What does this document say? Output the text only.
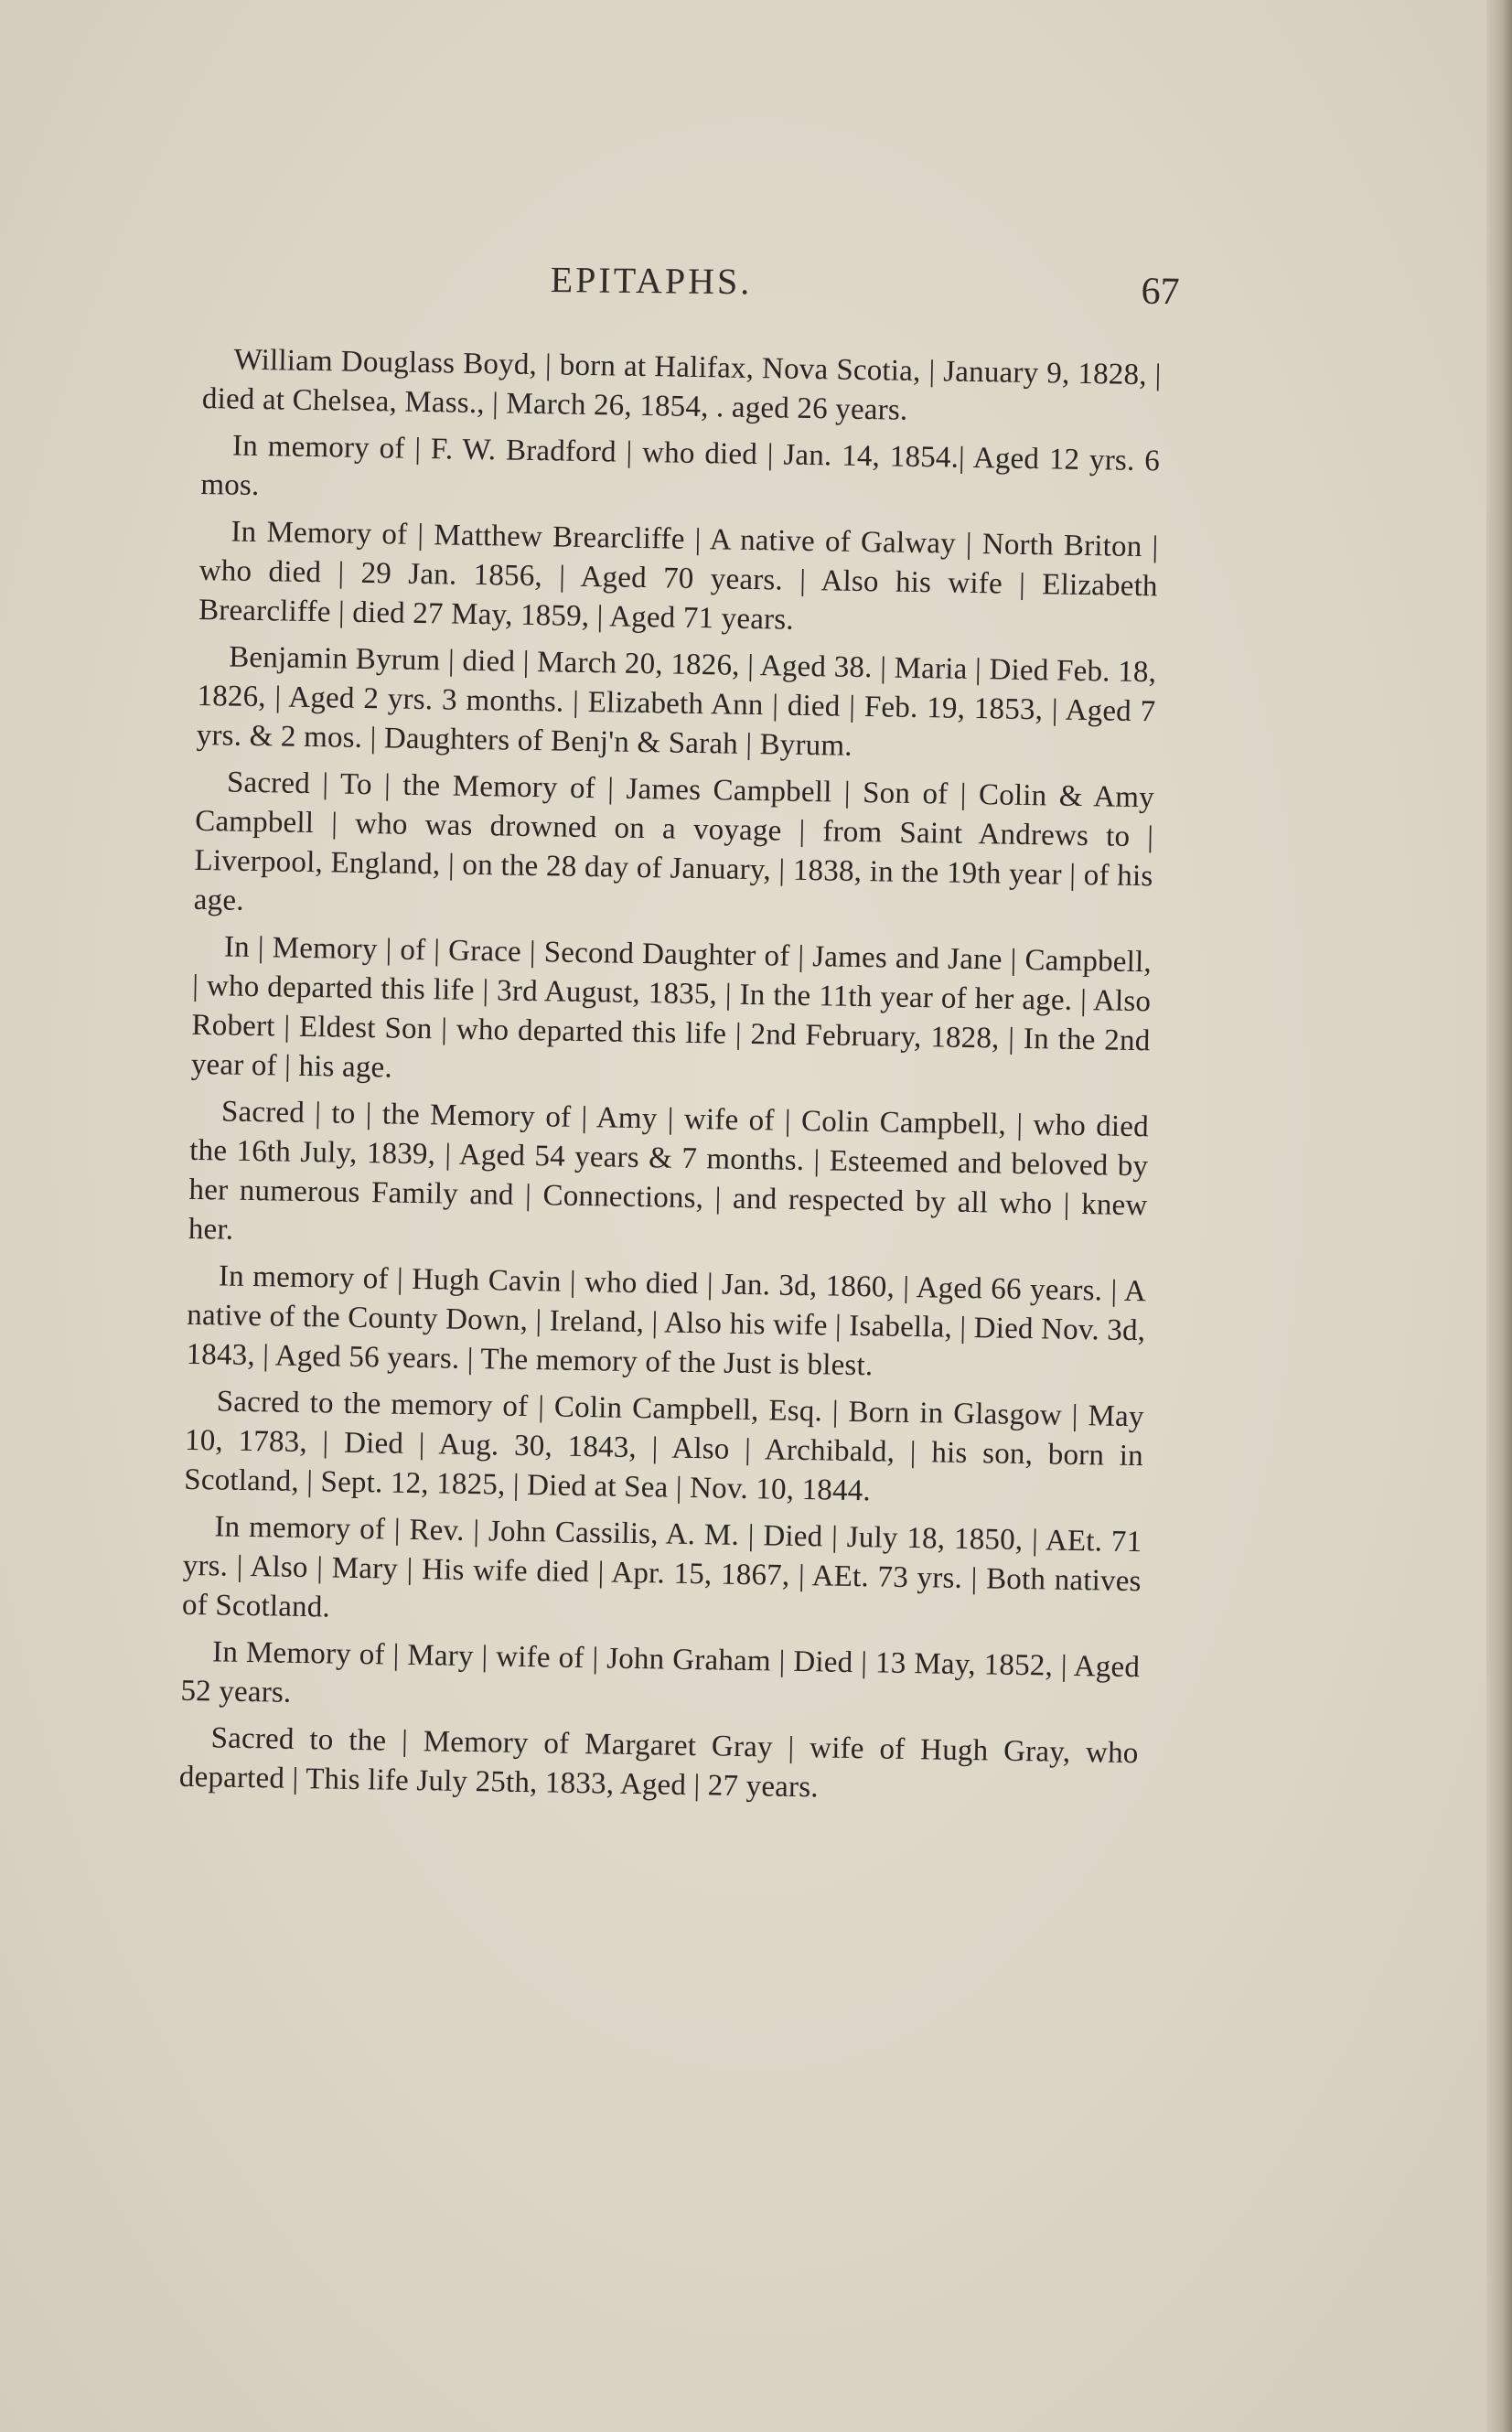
EPITAPHS.	67

William Douglass Boyd, | born at Halifax, Nova Scotia, | January 9, 1828, | died at Chelsea, Mass., | March 26, 1854, . aged 26 years.

In memory of | F. W. Bradford | who died | Jan. 14, 1854.| Aged 12 yrs. 6 mos.

In Memory of | Matthew Brearcliffe | A native of Galway | North Briton | who died | 29 Jan. 1856, | Aged 70 years. | Also his wife | Elizabeth Brearcliffe | died 27 May, 1859, | Aged 71 years.

Benjamin Byrum | died | March 20, 1826, | Aged 38. | Maria | Died Feb. 18, 1826, | Aged 2 yrs. 3 months. | Elizabeth Ann | died | Feb. 19, 1853, | Aged 7 yrs. & 2 mos. | Daughters of Benj'n & Sarah | Byrum.

Sacred | To | the Memory of | James Campbell | Son of | Colin & Amy Campbell | who was drowned on a voyage | from Saint Andrews to | Liverpool, England, | on the 28 day of January, | 1838, in the 19th year | of his age.

In | Memory | of | Grace | Second Daughter of | James and Jane | Campbell, | who departed this life | 3rd August, 1835, | In the 11th year of her age. | Also Robert | Eldest Son | who departed this life | 2nd February, 1828, | In the 2nd year of | his age.

Sacred | to | the Memory of | Amy | wife of | Colin Campbell, | who died the 16th July, 1839, | Aged 54 years & 7 months. | Esteemed and beloved by her numerous Family and | Connections, | and respected by all who | knew her.

In memory of | Hugh Cavin | who died | Jan. 3d, 1860, | Aged 66 years. | A native of the County Down, | Ireland, | Also his wife | Isabella, | Died Nov. 3d, 1843, | Aged 56 years. | The memory of the Just is blest.

Sacred to the memory of | Colin Campbell, Esq. | Born in Glasgow | May 10, 1783, | Died | Aug. 30, 1843, | Also | Archibald, | his son, born in Scotland, | Sept. 12, 1825, | Died at Sea | Nov. 10, 1844.

In memory of | Rev. | John Cassilis, A. M. | Died | July 18, 1850, | AEt. 71 yrs. | Also | Mary | His wife died | Apr. 15, 1867, | AEt. 73 yrs. | Both natives of Scotland.

In Memory of | Mary | wife of | John Graham | Died | 13 May, 1852, | Aged 52 years.

Sacred to the | Memory of Margaret Gray | wife of Hugh Gray, who departed | This life July 25th, 1833, Aged | 27 years.
